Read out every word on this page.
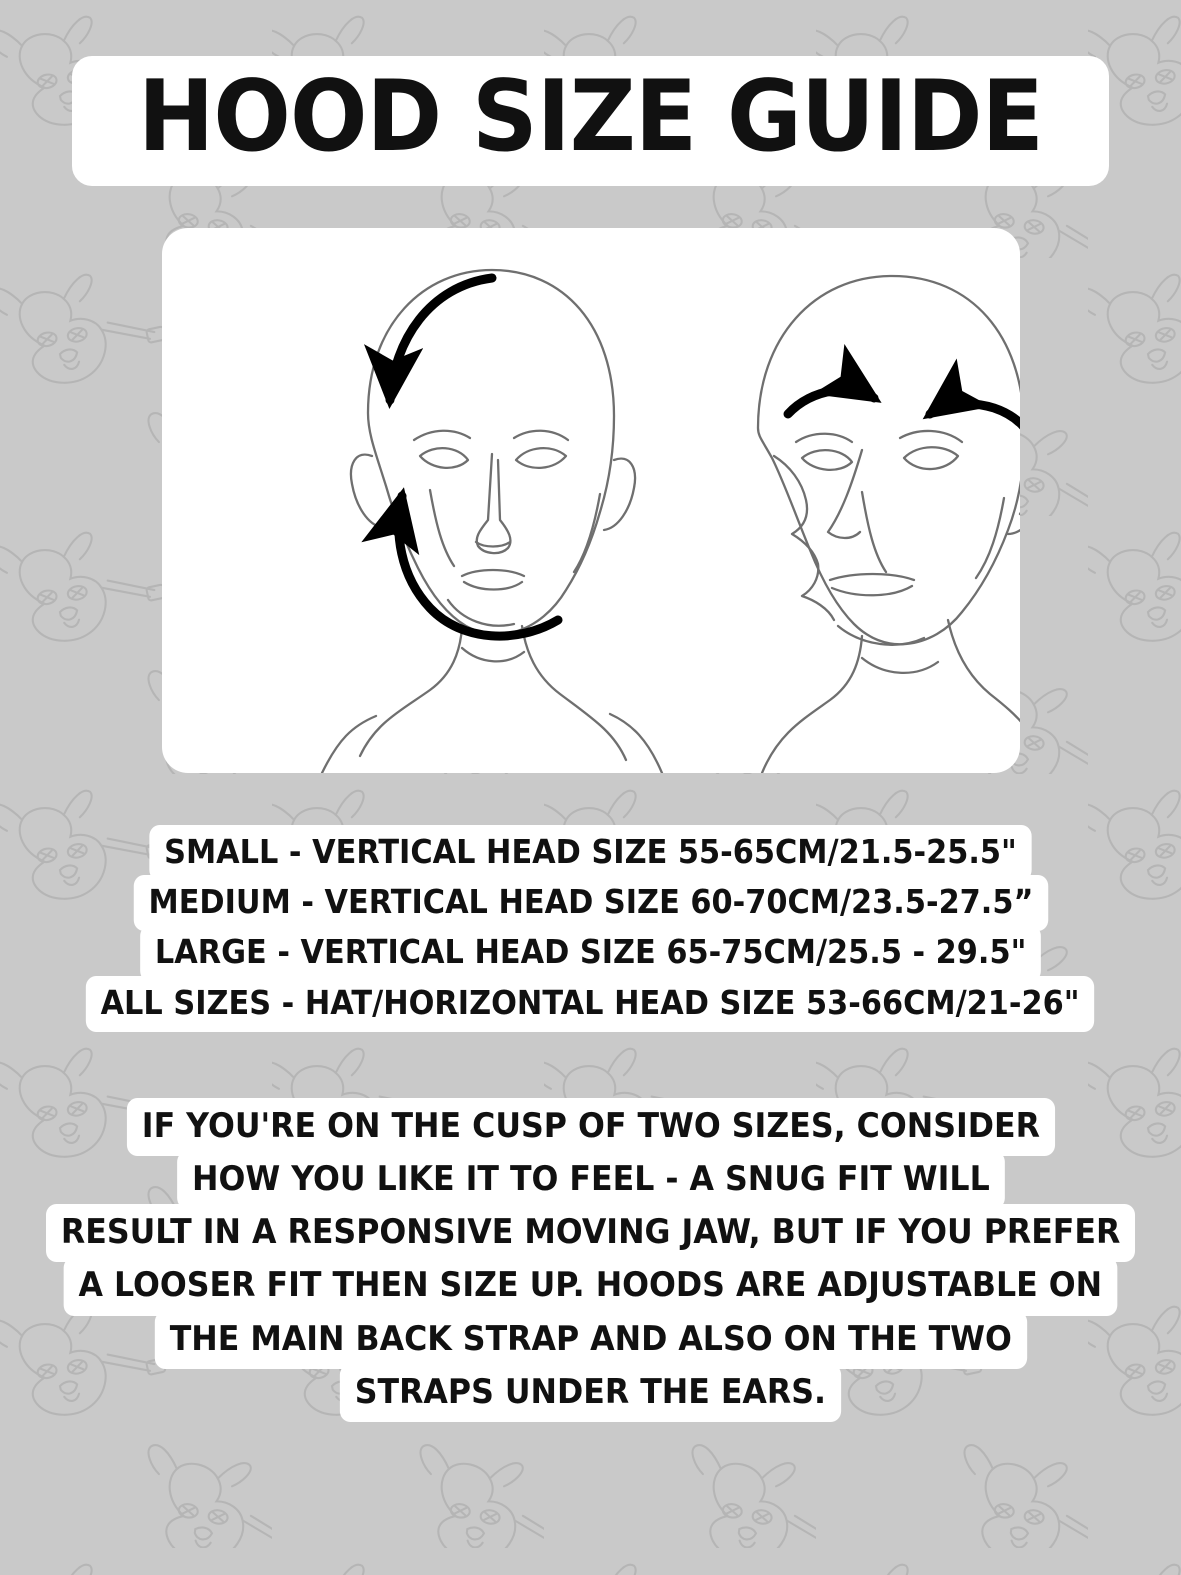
HOOD SIZE GUIDE
SMALL - VERTICAL HEAD SIZE 55-65CM/21.5-25.5"
MEDIUM - VERTICAL HEAD SIZE 60-70CM/23.5-27.5”
LARGE - VERTICAL HEAD SIZE 65-75CM/25.5 - 29.5"
ALL SIZES - HAT/HORIZONTAL HEAD SIZE 53-66CM/21-26"
IF YOU'RE ON THE CUSP OF TWO SIZES, CONSIDER
HOW YOU LIKE IT TO FEEL - A SNUG FIT WILL
RESULT IN A RESPONSIVE MOVING JAW, BUT IF YOU PREFER
A LOOSER FIT THEN SIZE UP. HOODS ARE ADJUSTABLE ON
THE MAIN BACK STRAP AND ALSO ON THE TWO
STRAPS UNDER THE EARS.
